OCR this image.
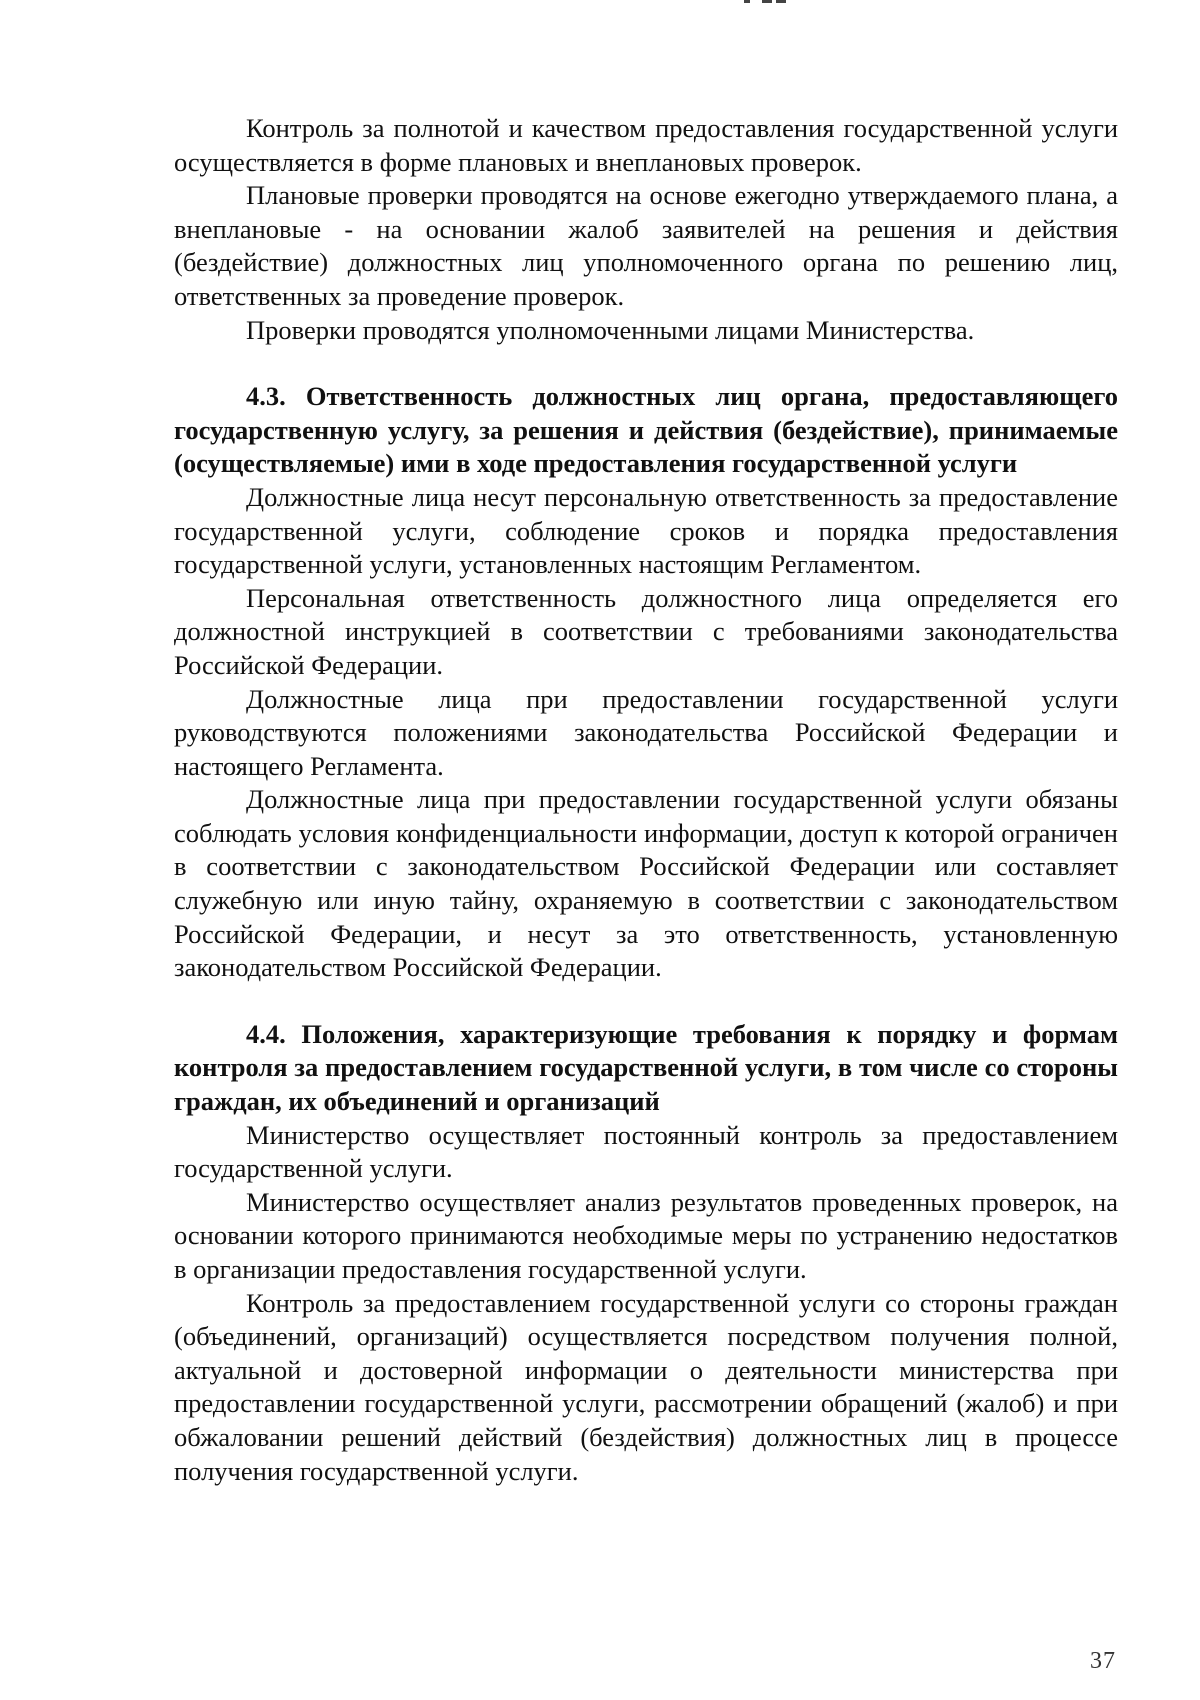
Контроль за полнотой и качеством предоставления государственной услуги осуществляется в форме плановых и внеплановых проверок.

Плановые проверки проводятся на основе ежегодно утверждаемого плана, а внеплановые - на основании жалоб заявителей на решения и действия (бездействие) должностных лиц уполномоченного органа по решению лиц, ответственных за проведение проверок.

Проверки проводятся уполномоченными лицами Министерства.

4.3. Ответственность должностных лиц органа, предоставляющего государственную услугу, за решения и действия (бездействие), принимаемые (осуществляемые) ими в ходе предоставления государственной услуги

Должностные лица несут персональную ответственность за предоставление государственной услуги, соблюдение сроков и порядка предоставления государственной услуги, установленных настоящим Регламентом.

Персональная ответственность должностного лица определяется его должностной инструкцией в соответствии с требованиями законодательства Российской Федерации.

Должностные лица при предоставлении государственной услуги руководствуются положениями законодательства Российской Федерации и настоящего Регламента.

Должностные лица при предоставлении государственной услуги обязаны соблюдать условия конфиденциальности информации, доступ к которой ограничен в соответствии с законодательством Российской Федерации или составляет служебную или иную тайну, охраняемую в соответствии с законодательством Российской Федерации, и несут за это ответственность, установленную законодательством Российской Федерации.

4.4. Положения, характеризующие требования к порядку и формам контроля за предоставлением государственной услуги, в том числе со стороны граждан, их объединений и организаций

Министерство осуществляет постоянный контроль за предоставлением государственной услуги.

Министерство осуществляет анализ результатов проведенных проверок, на основании которого принимаются необходимые меры по устранению недостатков в организации предоставления государственной услуги.

Контроль за предоставлением государственной услуги со стороны граждан (объединений, организаций) осуществляется посредством получения полной, актуальной и достоверной информации о деятельности министерства при предоставлении государственной услуги, рассмотрении обращений (жалоб) и при обжаловании решений действий (бездействия) должностных лиц в процессе получения государственной услуги.

37
